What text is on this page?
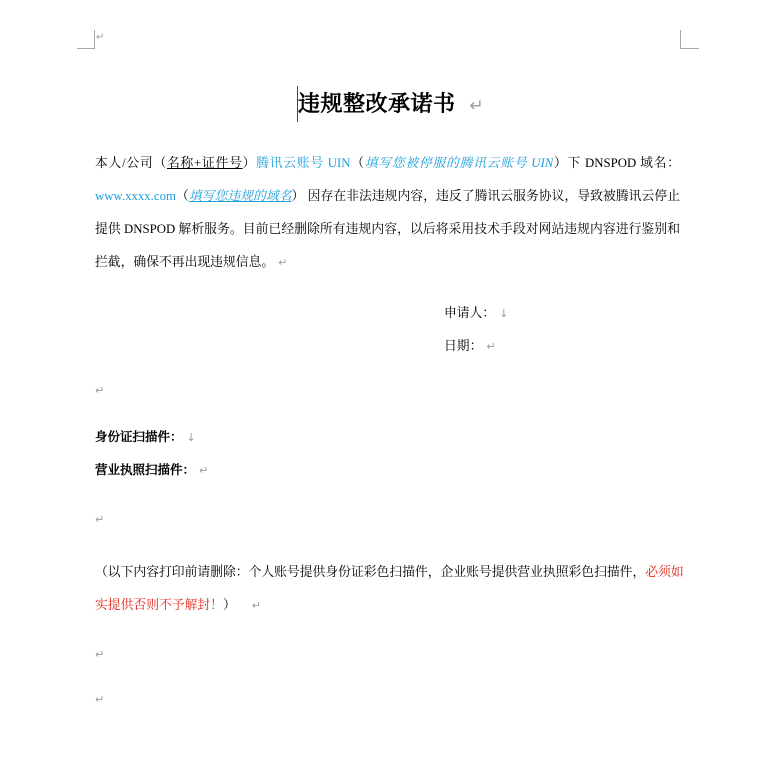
↵
违规整改承诺书 ↵
本人/公司（名称+证件号）腾讯云账号 UIN（填写您被停服的腾讯云账号 UIN）下 DNSPOD 域名：
www.xxxx.com（填写您违规的域名） 因存在非法违规内容，违反了腾讯云服务协议，导致被腾讯云停止
提供 DNSPOD 解析服务。目前已经删除所有违规内容，以后将采用技术手段对网站违规内容进行鉴别和
拦截，确保不再出现违规信息。 ↵
申请人： ↓
日期： ↵
↵
身份证扫描件： ↓
营业执照扫描件： ↵
↵
（以下内容打印前请删除：个人账号提供身份证彩色扫描件，企业账号提供营业执照彩色扫描件，必须如
实提供否则不予解封！） ↵
↵
↵
